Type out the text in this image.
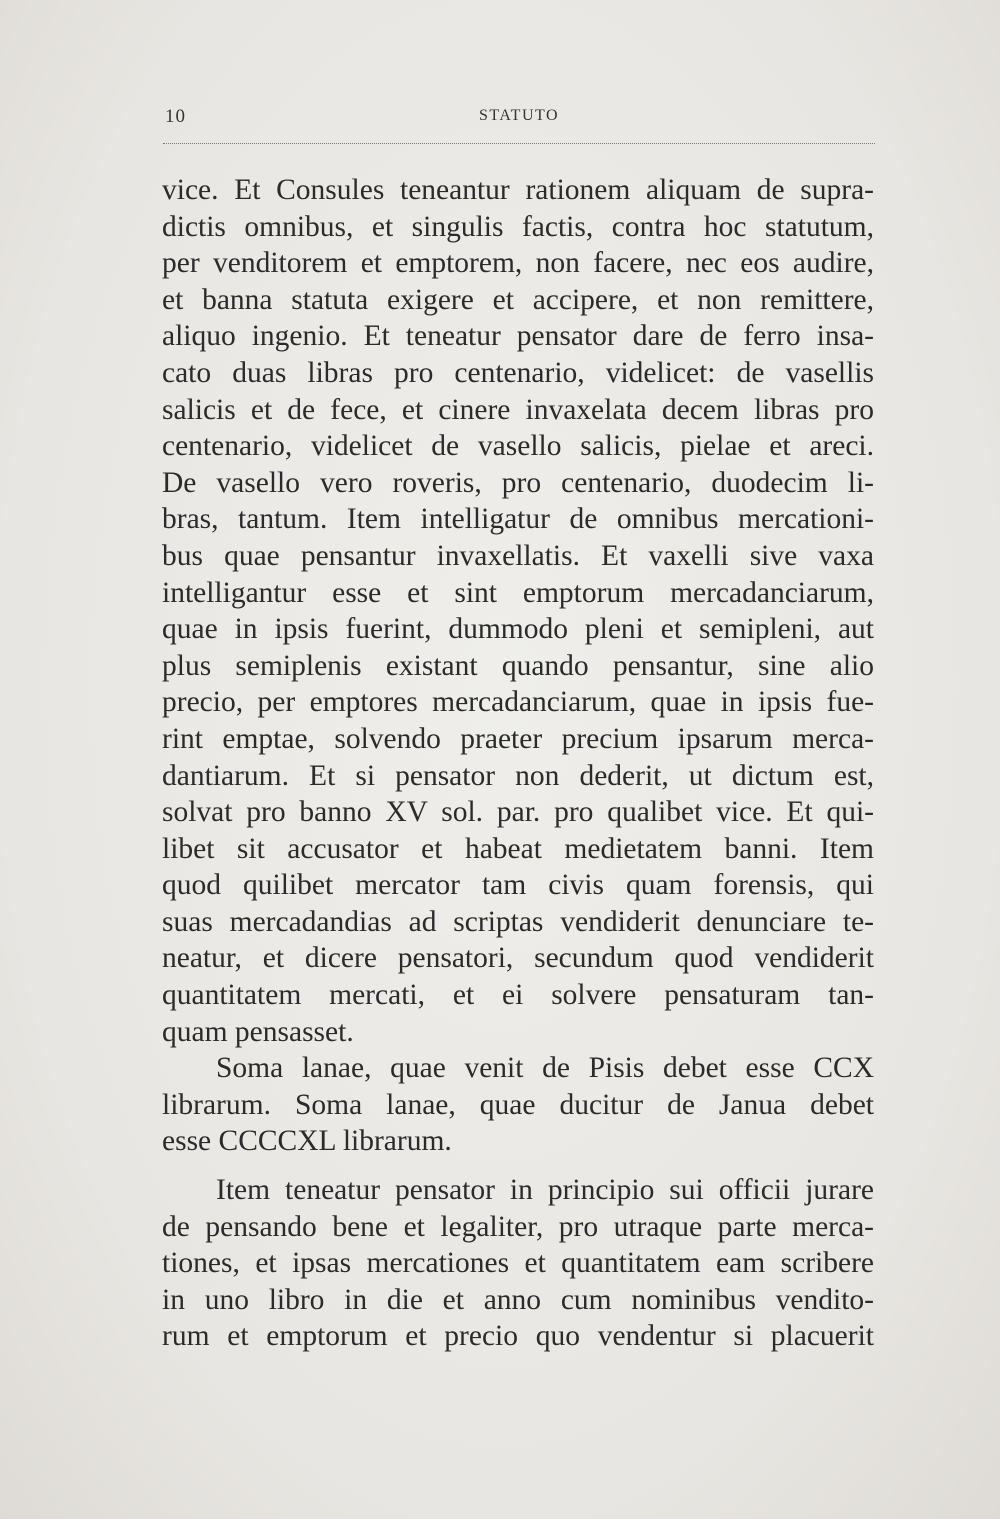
10	STATUTO
vice. Et Consules teneantur rationem aliquam de supra-
dictis omnibus, et singulis factis, contra hoc statutum,
per venditorem et emptorem, non facere, nec eos audire,
et banna statuta exigere et accipere, et non remittere,
aliquo ingenio. Et teneatur pensator dare de ferro insa-
cato duas libras pro centenario, videlicet: de vasellis
salicis et de fece, et cinere invaxelata decem libras pro
centenario, videlicet de vasello salicis, pielae et areci.
De vasello vero roveris, pro centenario, duodecim li-
bras, tantum. Item intelligatur de omnibus mercationi-
bus quae pensantur invaxellatis. Et vaxelli sive vaxa
intelligantur esse et sint emptorum mercadanciarum,
quae in ipsis fuerint, dummodo pleni et semipleni, aut
plus semiplenis existant quando pensantur, sine alio
precio, per emptores mercadanciarum, quae in ipsis fue-
rint emptae, solvendo praeter precium ipsarum merca-
dantiarum. Et si pensator non dederit, ut dictum est,
solvat pro banno XV sol. par. pro qualibet vice. Et qui-
libet sit accusator et habeat medietatem banni. Item
quod quilibet mercator tam civis quam forensis, qui
suas mercadandias ad scriptas vendiderit denunciare te-
neatur, et dicere pensatori, secundum quod vendiderit
quantitatem mercati, et ei solvere pensaturam tan-
quam pensasset.
Soma lanae, quae venit de Pisis debet esse CCX
librarum. Soma lanae, quae ducitur de Janua debet
esse CCCCXL librarum.
Item teneatur pensator in principio sui officii jurare
de pensando bene et legaliter, pro utraque parte merca-
tiones, et ipsas mercationes et quantitatem eam scribere
in uno libro in die et anno cum nominibus vendito-
rum et emptorum et precio quo vendentur si placuerit
